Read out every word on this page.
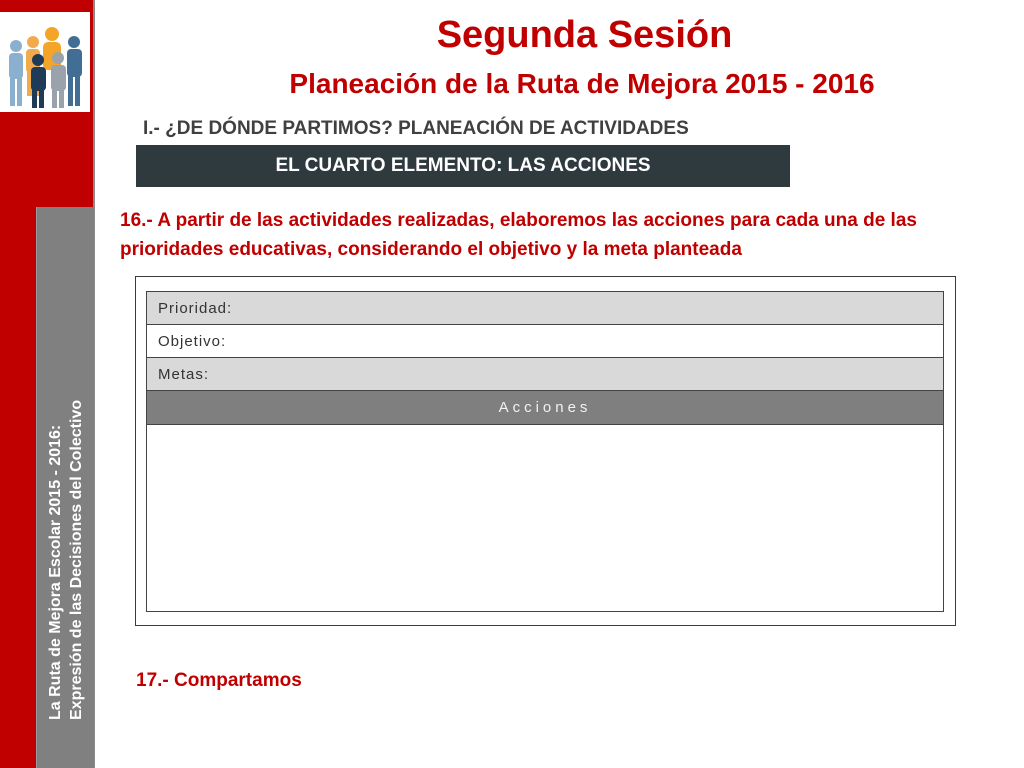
La Ruta de Mejora Escolar 2015 - 2016: Expresión de las Decisiones del Colectivo
Segunda Sesión
Planeación de la Ruta de Mejora 2015 - 2016
I.- ¿DE DÓNDE PARTIMOS? PLANEACIÓN DE ACTIVIDADES
EL CUARTO ELEMENTO: LAS ACCIONES
16.- A partir de las actividades realizadas, elaboremos las acciones para cada una de las prioridades educativas, considerando el objetivo y la meta planteada
Prioridad:
Objetivo:
Metas:
Acciones
17.- Compartamos
